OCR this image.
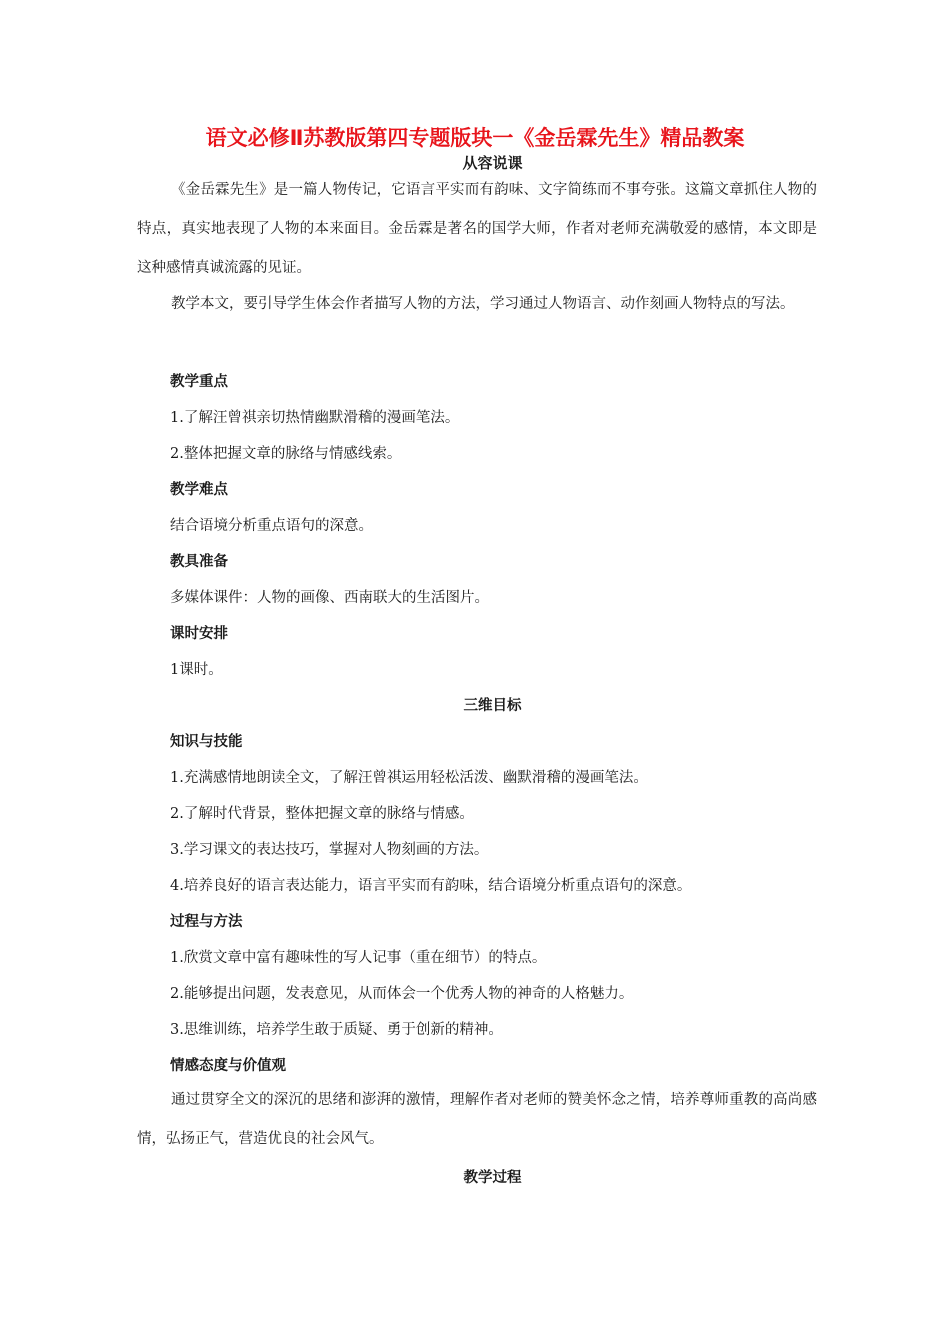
语文必修Ⅱ苏教版第四专题版块一《金岳霖先生》精品教案
从容说课

《金岳霖先生》是一篇人物传记，它语言平实而有韵味、文字简练而不事夸张。这篇文章抓住人物的特点，真实地表现了人物的本来面目。金岳霖是著名的国学大师，作者对老师充满敬爱的感情，本文即是这种感情真诚流露的见证。

教学本文，要引导学生体会作者描写人物的方法，学习通过人物语言、动作刻画人物特点的写法。

教学重点

1.了解汪曾祺亲切热情幽默滑稽的漫画笔法。

2.整体把握文章的脉络与情感线索。

教学难点

结合语境分析重点语句的深意。

教具准备

多媒体课件：人物的画像、西南联大的生活图片。

课时安排

1课时。

三维目标

知识与技能

1.充满感情地朗读全文，了解汪曾祺运用轻松活泼、幽默滑稽的漫画笔法。

2.了解时代背景，整体把握文章的脉络与情感。

3.学习课文的表达技巧，掌握对人物刻画的方法。

4.培养良好的语言表达能力，语言平实而有韵味，结合语境分析重点语句的深意。

过程与方法

1.欣赏文章中富有趣味性的写人记事（重在细节）的特点。

2.能够提出问题，发表意见，从而体会一个优秀人物的神奇的人格魅力。

3.思维训练，培养学生敢于质疑、勇于创新的精神。

情感态度与价值观

通过贯穿全文的深沉的思绪和澎湃的激情，理解作者对老师的赞美怀念之情，培养尊师重教的高尚感情，弘扬正气，营造优良的社会风气。

教学过程
